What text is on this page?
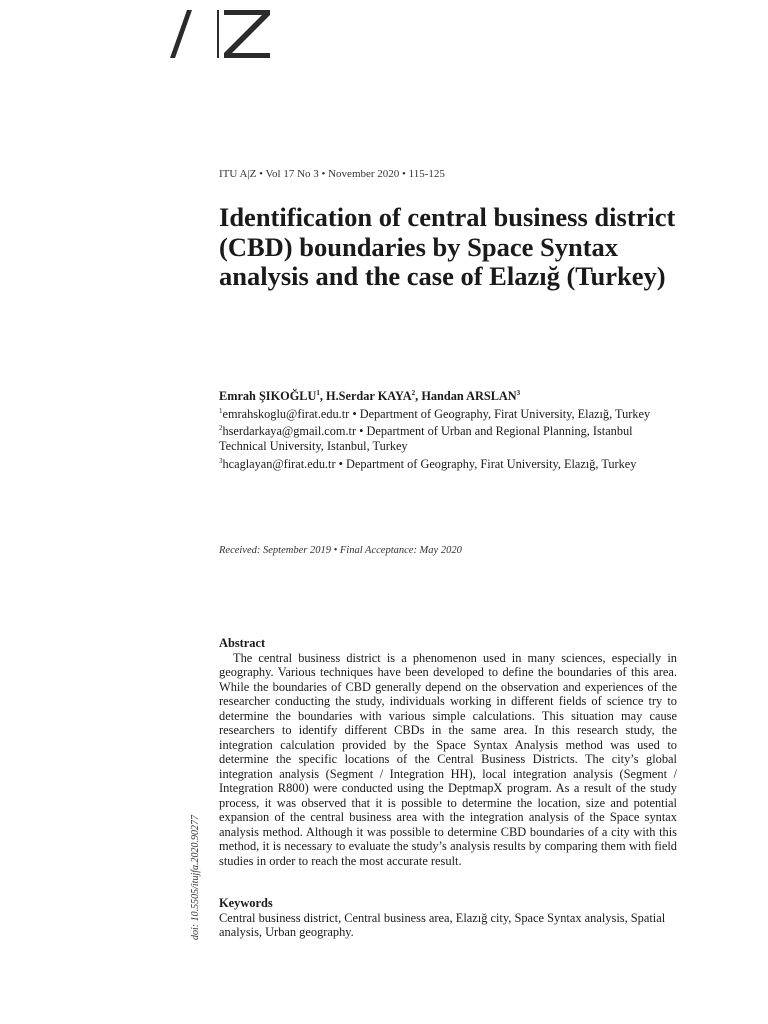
ITU A|Z • Vol 17 No 3 • November 2020 • 115-125
Identification of central business district (CBD) boundaries by Space Syntax analysis and the case of Elazığ (Turkey)
Emrah ŞIKOĞLU$^1$, H.Serdar KAYA$^2$, Handan ARSLAN$^3$
$^1$emrahskoglu@firat.edu.tr • Department of Geography, Firat University, Elazığ, Turkey
$^2$hserdarkaya@gmail.com.tr • Department of Urban and Regional Planning, Istanbul Technical University, Istanbul, Turkey
$^3$hcaglayan@firat.edu.tr • Department of Geography, Firat University, Elazığ, Turkey
Received: September 2019 • Final Acceptance: May 2020
Abstract

The central business district is a phenomenon used in many sciences, especially in geography. Various techniques have been developed to define the boundaries of this area. While the boundaries of CBD generally depend on the observation and experiences of the researcher conducting the study, individuals working in different fields of science try to determine the boundaries with various simple calculations. This situation may cause researchers to identify different CBDs in the same area. In this research study, the integration calculation provided by the Space Syntax Analysis method was used to determine the specific locations of the Central Business Districts. The city’s global integration analysis (Segment / Integration HH), local integration analysis (Segment / Integration R800) were conducted using the DeptmapX program. As a result of the study process, it was observed that it is possible to determine the location, size and potential expansion of the central business area with the integration analysis of the Space syntax analysis method. Although it was possible to determine CBD boundaries of a city with this method, it is necessary to evaluate the study’s analysis results by comparing them with field studies in order to reach the most accurate result.

Keywords
Central business district, Central business area, Elazığ city, Space Syntax analysis, Spatial analysis, Urban geography.
doi: 10.5505/itujfa.2020.90277
